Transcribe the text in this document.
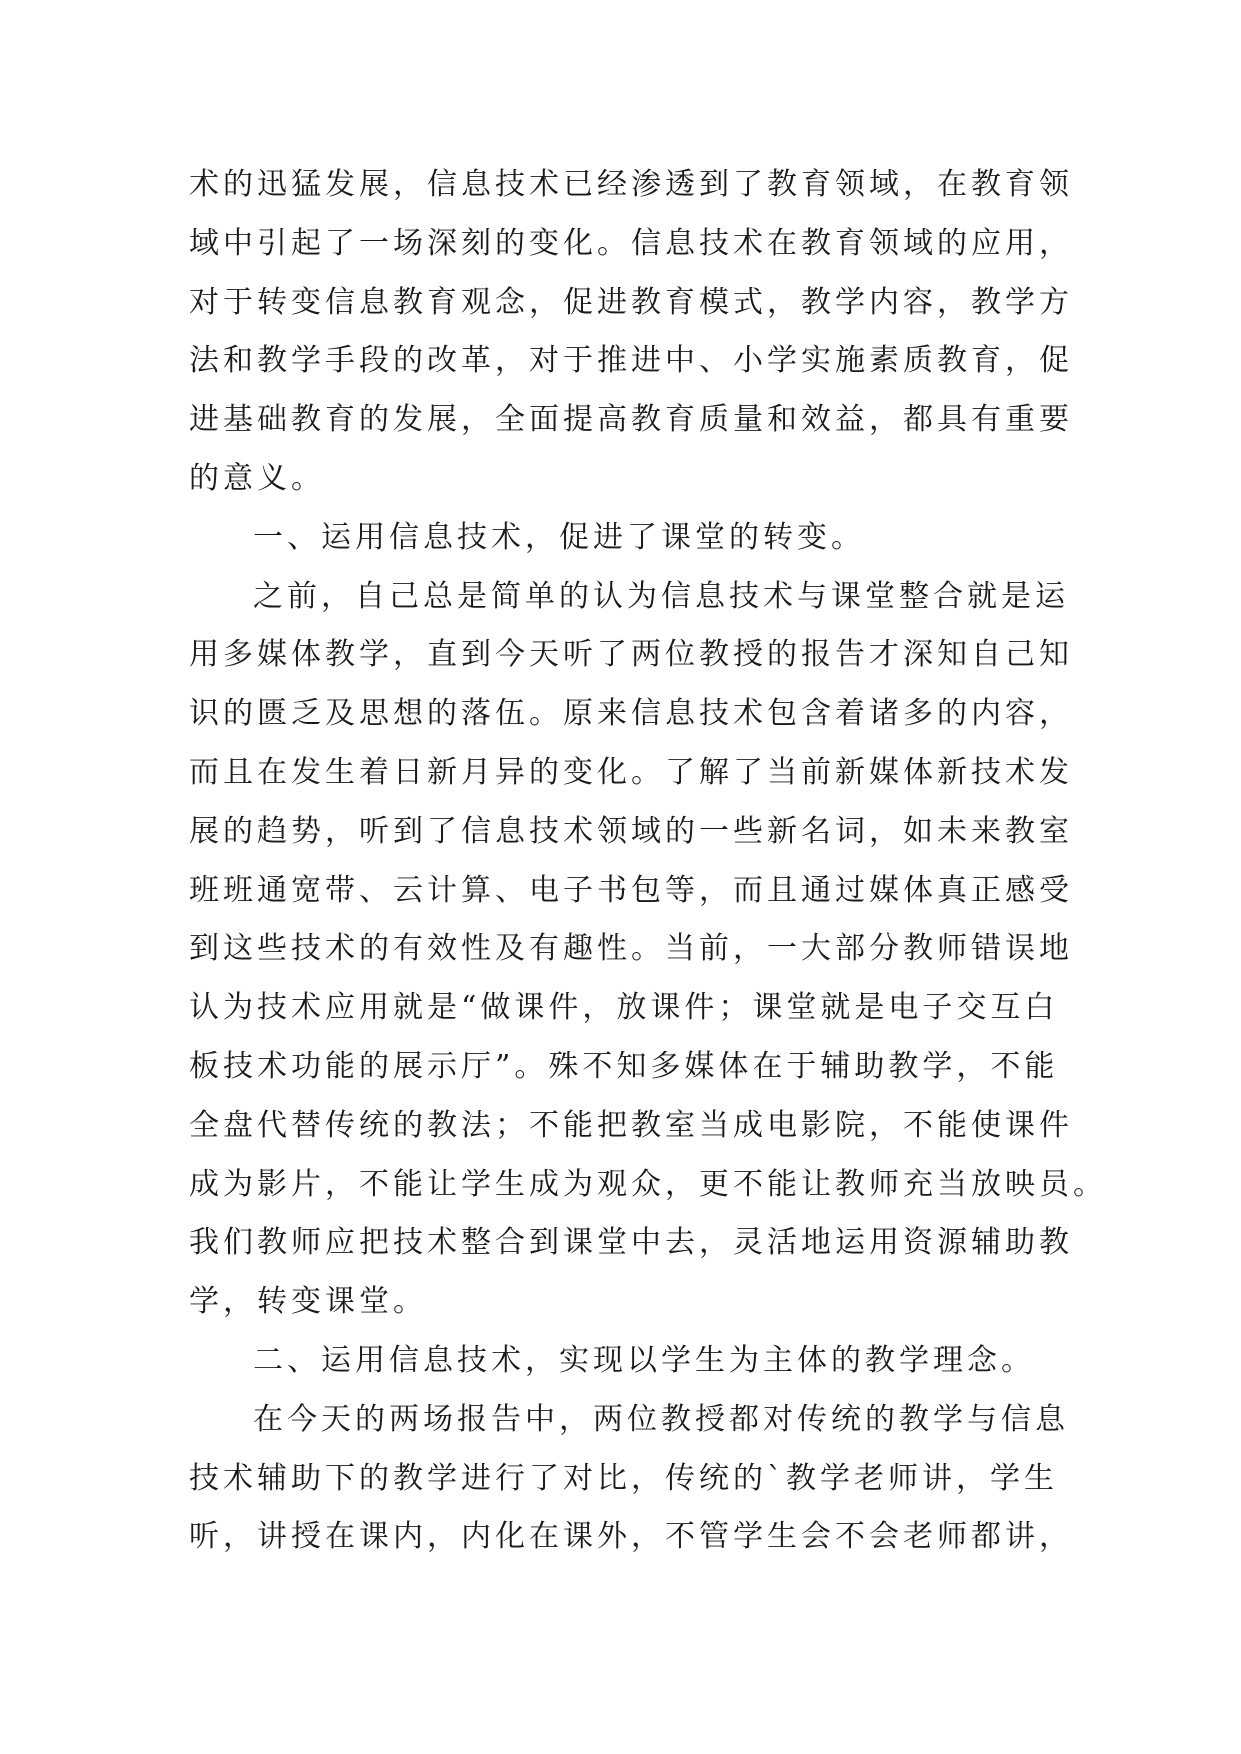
术的迅猛发展，信息技术已经渗透到了教育领域，在教育领
域中引起了一场深刻的变化。信息技术在教育领域的应用，
对于转变信息教育观念，促进教育模式，教学内容，教学方
法和教学手段的改革，对于推进中、小学实施素质教育，促
进基础教育的发展，全面提高教育质量和效益，都具有重要
的意义。
一、运用信息技术，促进了课堂的转变。
之前，自己总是简单的认为信息技术与课堂整合就是运
用多媒体教学，直到今天听了两位教授的报告才深知自己知
识的匮乏及思想的落伍。原来信息技术包含着诸多的内容，
而且在发生着日新月异的变化。了解了当前新媒体新技术发
展的趋势，听到了信息技术领域的一些新名词，如未来教室
班班通宽带、云计算、电子书包等，而且通过媒体真正感受
到这些技术的有效性及有趣性。当前，一大部分教师错误地
认为技术应用就是“做课件，放课件；课堂就是电子交互白
板技术功能的展示厅”。殊不知多媒体在于辅助教学，不能
全盘代替传统的教法；不能把教室当成电影院，不能使课件
成为影片，不能让学生成为观众，更不能让教师充当放映员。
我们教师应把技术整合到课堂中去，灵活地运用资源辅助教
学，转变课堂。
二、运用信息技术，实现以学生为主体的教学理念。
在今天的两场报告中，两位教授都对传统的教学与信息
技术辅助下的教学进行了对比，传统的`教学老师讲，学生
听，讲授在课内，内化在课外，不管学生会不会老师都讲，
